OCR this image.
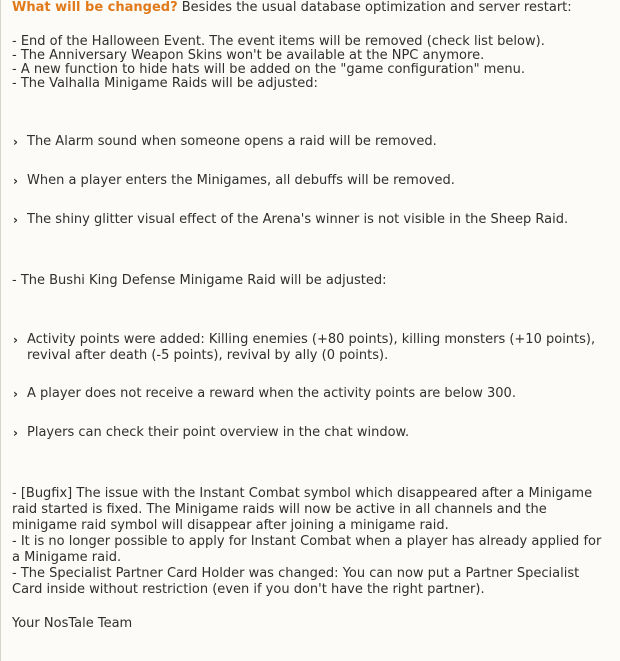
What will be changed? Besides the usual database optimization and server restart:

- End of the Halloween Event. The event items will be removed (check list below).

- The Anniversary Weapon Skins won't be available at the NPC anymore.

- A new function to hide hats will be added on the "game configuration" menu.

- The Valhalla Minigame Raids will be adjusted:

› The Alarm sound when someone opens a raid will be removed.
› When a player enters the Minigames, all debuffs will be removed.
› The shiny glitter visual effect of the Arena's winner is not visible in the Sheep Raid.

- The Bushi King Defense Minigame Raid will be adjusted:

› Activity points were added: Killing enemies (+80 points), killing monsters (+10 points), revival after death (-5 points), revival by ally (0 points).
› A player does not receive a reward when the activity points are below 300.
› Players can check their point overview in the chat window.

- [Bugfix] The issue with the Instant Combat symbol which disappeared after a Minigame raid started is fixed. The Minigame raids will now be active in all channels and the minigame raid symbol will disappear after joining a minigame raid.

- It is no longer possible to apply for Instant Combat when a player has already applied for a Minigame raid.

- The Specialist Partner Card Holder was changed: You can now put a Partner Specialist Card inside without restriction (even if you don't have the right partner).

Your NosTale Team
